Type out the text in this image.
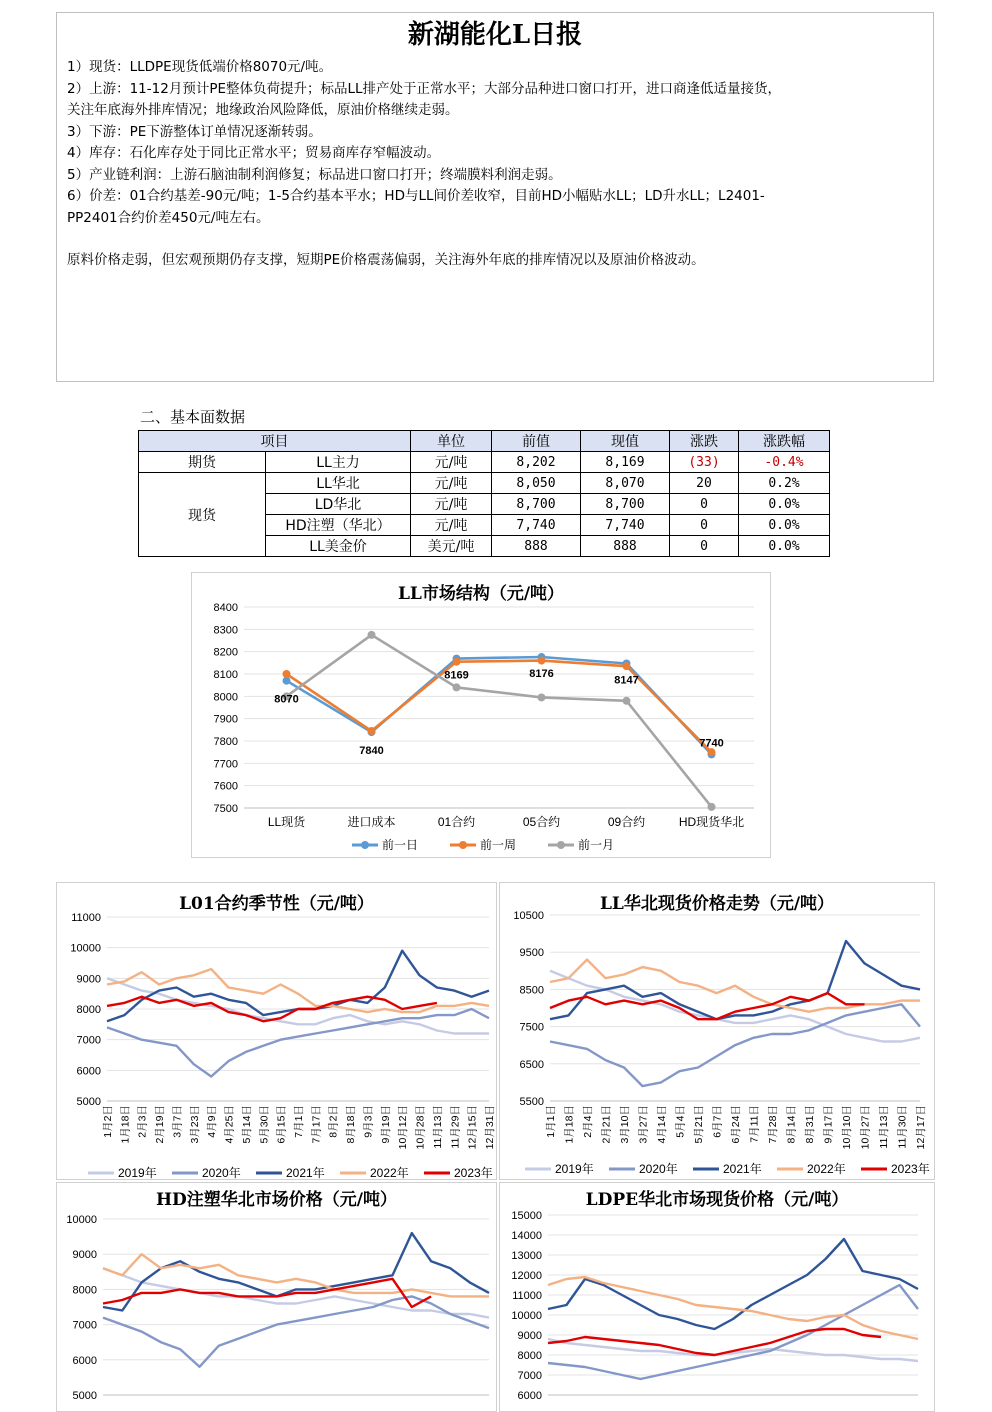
新湖能化L日报
1）现货：LLDPE现货低端价格8070元/吨。
2）上游：11-12月预计PE整体负荷提升；标品LL排产处于正常水平；大部分品种进口窗口打开，进口商逢低适量接货，
关注年底海外排库情况；地缘政治风险降低，原油价格继续走弱。
3）下游：PE下游整体订单情况逐渐转弱。
4）库存：石化库存处于同比正常水平；贸易商库存窄幅波动。
5）产业链利润：上游石脑油制利润修复；标品进口窗口打开；终端膜料利润走弱。
6）价差：01合约基差-90元/吨；1-5合约基本平水；HD与LL间价差收窄，目前HD小幅贴水LL；LD升水LL；L2401-
PP2401合约价差450元/吨左右。
原料价格走弱，但宏观预期仍存支撑，短期PE价格震荡偏弱，关注海外年底的排库情况以及原油价格波动。
二、基本面数据
项目		单位	前值	现值	涨跌	涨跌幅
期货	LL主力	元/吨	8,202	8,169	(33)	-0.4%
现货	LL华北	元/吨	8,050	8,070	20	0.2%
	LD华北	元/吨	8,700	8,700	0	0.0%
	HD注塑（华北）	元/吨	7,740	7,740	0	0.0%
	LL美金价	美元/吨	888	888	0	0.0%
LL市场结构（元/吨）
7500
7600
7700
7800
7900
8000
8100
8200
8300
8400
LL现货	进口成本	01合约	05合约	09合约	HD现货华北
8070
7840
8169	8176
8147
7740
前一日	前一周	前一月
L01合约季节性（元/吨）
5000
6000
7000
8000
9000
10000
11000
1月2日 1月18日 2月3日 2月19日 3月7日 3月23日 4月9日 4月25日 5月14日 5月30日 6月15日 7月1日 7月17日 8月2日 8月18日 9月3日 9月19日 10月12日 10月28日 11月13日 11月29日 12月15日 12月31日
2019年	2020年	2021年	2022年	2023年
LL华北现货价格走势（元/吨）
5500
6500
7500
8500
9500
10500
1月1日 1月18日 2月4日 2月21日 3月10日 3月27日 4月14日 5月4日 5月21日 6月7日 6月24日 7月11日 7月28日 8月14日 8月31日 9月17日 10月10日 10月27日 11月13日 11月30日 12月17日
2019年	2020年	2021年	2022年	2023年
HD注塑华北市场价格（元/吨）
5000
6000
7000
8000
9000
10000
LDPE华北市场现货价格（元/吨）
6000
7000
8000
9000
10000
11000
12000
13000
14000
15000
